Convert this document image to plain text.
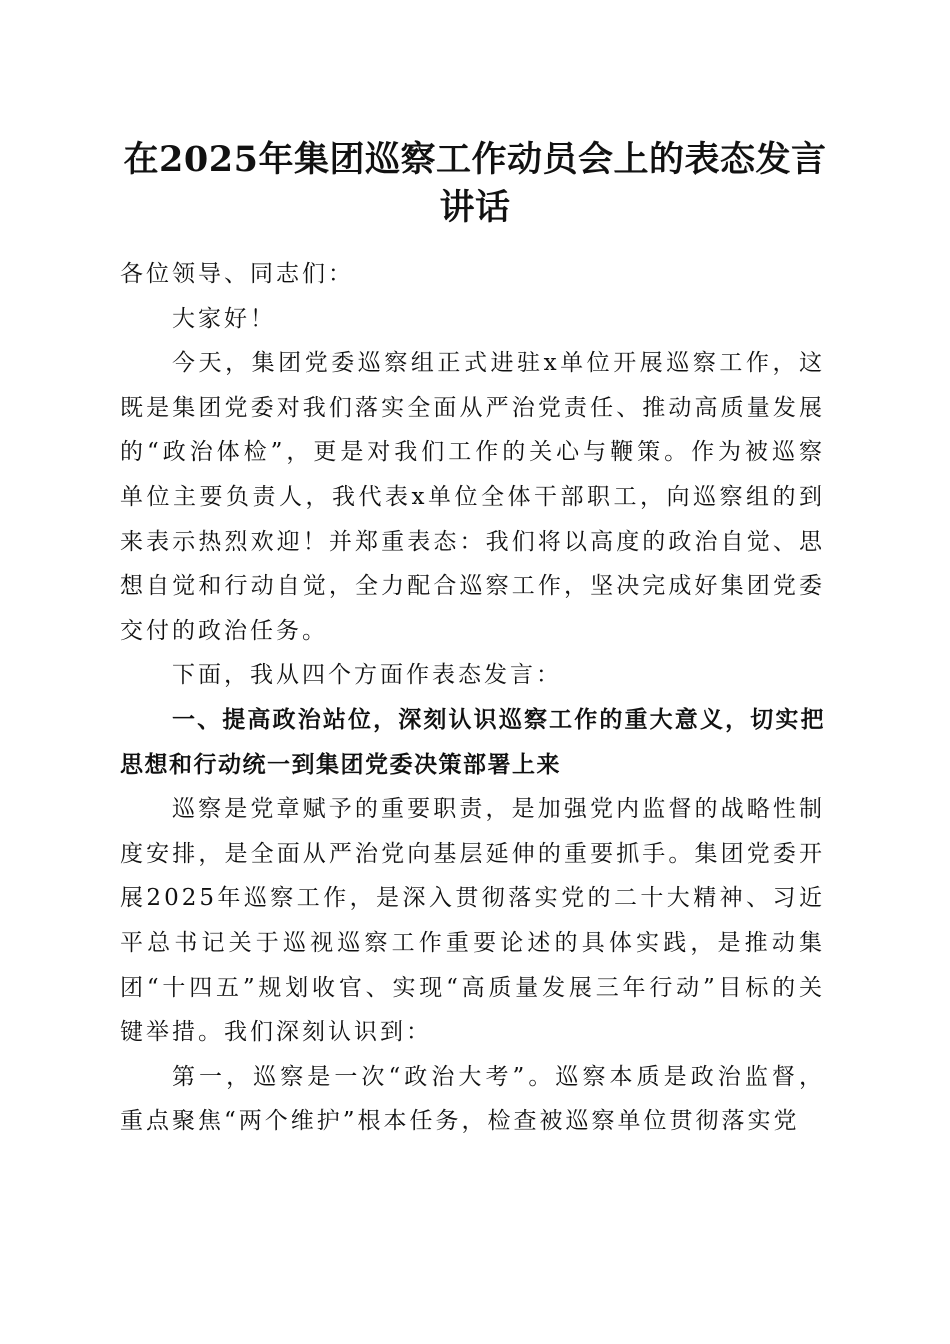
在2025年集团巡察工作动员会上的表态发言讲话

各位领导、同志们：

大家好！

今天，集团党委巡察组正式进驻x单位开展巡察工作，这既是集团党委对我们落实全面从严治党责任、推动高质量发展的“政治体检”，更是对我们工作的关心与鞭策。作为被巡察单位主要负责人，我代表x单位全体干部职工，向巡察组的到来表示热烈欢迎！并郑重表态：我们将以高度的政治自觉、思想自觉和行动自觉，全力配合巡察工作，坚决完成好集团党委交付的政治任务。

下面，我从四个方面作表态发言：

一、提高政治站位，深刻认识巡察工作的重大意义，切实把思想和行动统一到集团党委决策部署上来

巡察是党章赋予的重要职责，是加强党内监督的战略性制度安排，是全面从严治党向基层延伸的重要抓手。集团党委开展2025年巡察工作，是深入贯彻落实党的二十大精神、习近平总书记关于巡视巡察工作重要论述的具体实践，是推动集团“十四五”规划收官、实现“高质量发展三年行动”目标的关键举措。我们深刻认识到：

第一，巡察是一次“政治大考”。巡察本质是政治监督，重点聚焦“两个维护”根本任务，检查被巡察单位贯彻落实党
